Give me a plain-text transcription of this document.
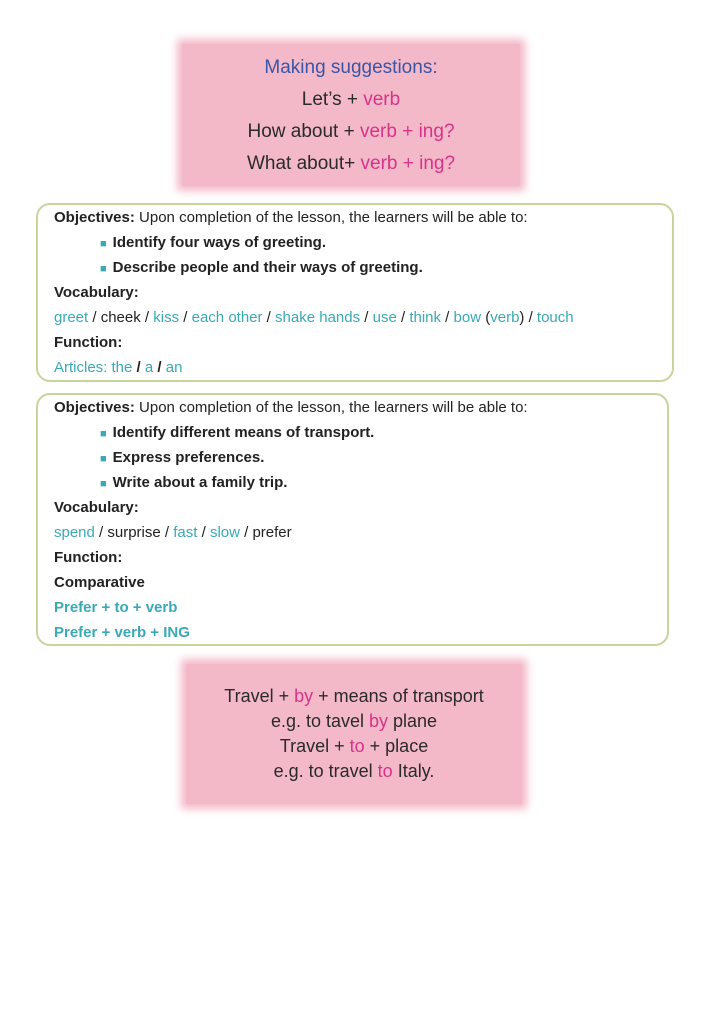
Making suggestions:
Let’s + verb
How about + verb + ing?
What about+ verb + ing?
Objectives: Upon completion of the lesson, the learners will be able to:
■ Identify four ways of greeting.
■ Describe people and their ways of greeting.
Vocabulary:
greet / cheek / kiss / each other / shake hands / use / think / bow (verb) / touch
Function:
Articles: the / a / an
Objectives: Upon completion of the lesson, the learners will be able to:
■ Identify different means of transport.
■ Express preferences.
■ Write about a family trip.
Vocabulary:
spend / surprise / fast / slow / prefer
Function:
Comparative
Prefer + to + verb
Prefer + verb + ING
Travel + by + means of transport
e.g. to tavel by plane
Travel + to + place
e.g. to travel to Italy.
